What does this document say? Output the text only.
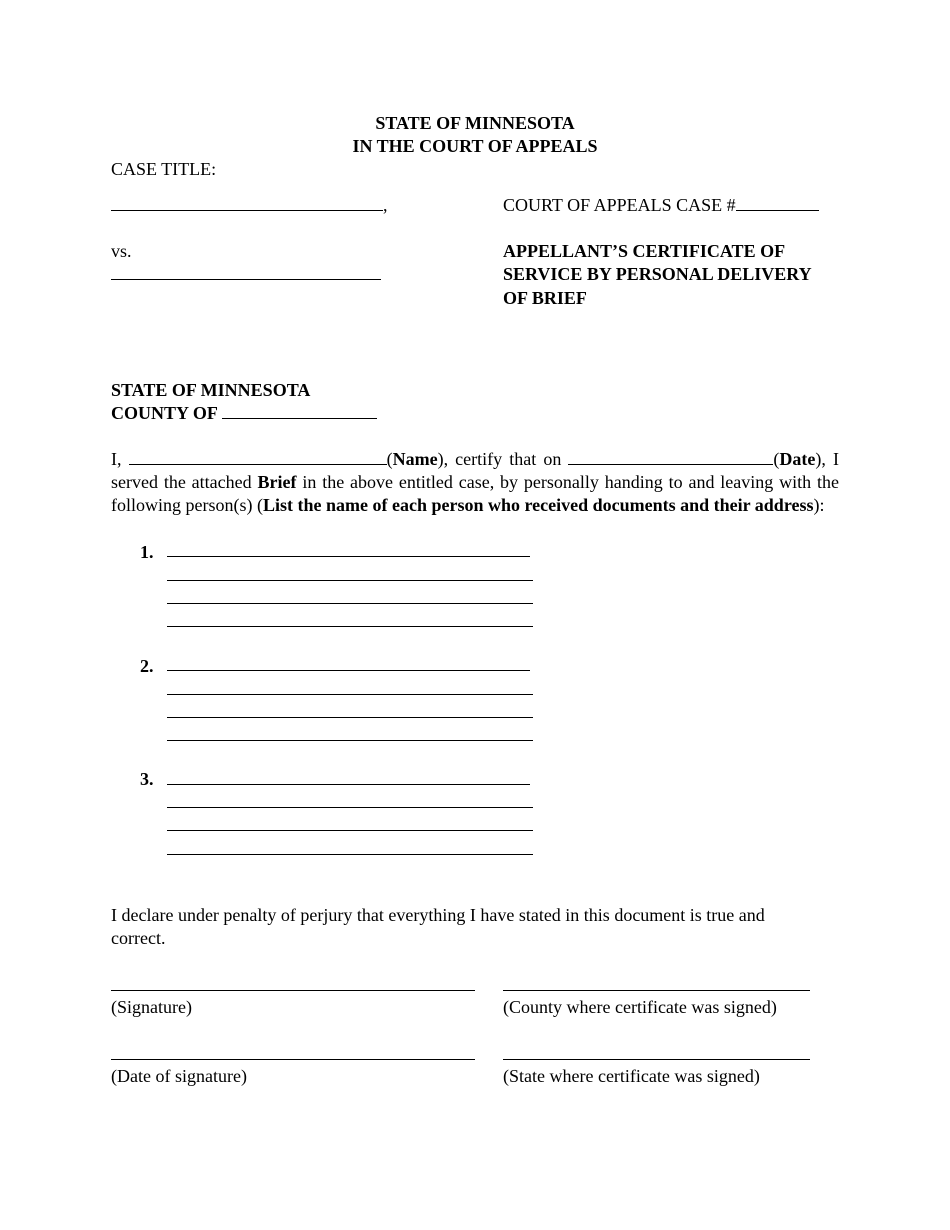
STATE OF MINNESOTA
IN THE COURT OF APPEALS
CASE TITLE:
,	COURT OF APPEALS CASE #
vs.	APPELLANT’S CERTIFICATE OF
SERVICE BY PERSONAL DELIVERY
OF BRIEF
STATE OF MINNESOTA
COUNTY OF
I,	(Name), certify that on	(Date), I served the attached Brief in the above entitled case, by personally handing to and leaving with the following person(s) (List the name of each person who received documents and their address):
1.
2.
3.
I declare under penalty of perjury that everything I have stated in this document is true and correct.
(Signature)	(County where certificate was signed)
(Date of signature)	(State where certificate was signed)
